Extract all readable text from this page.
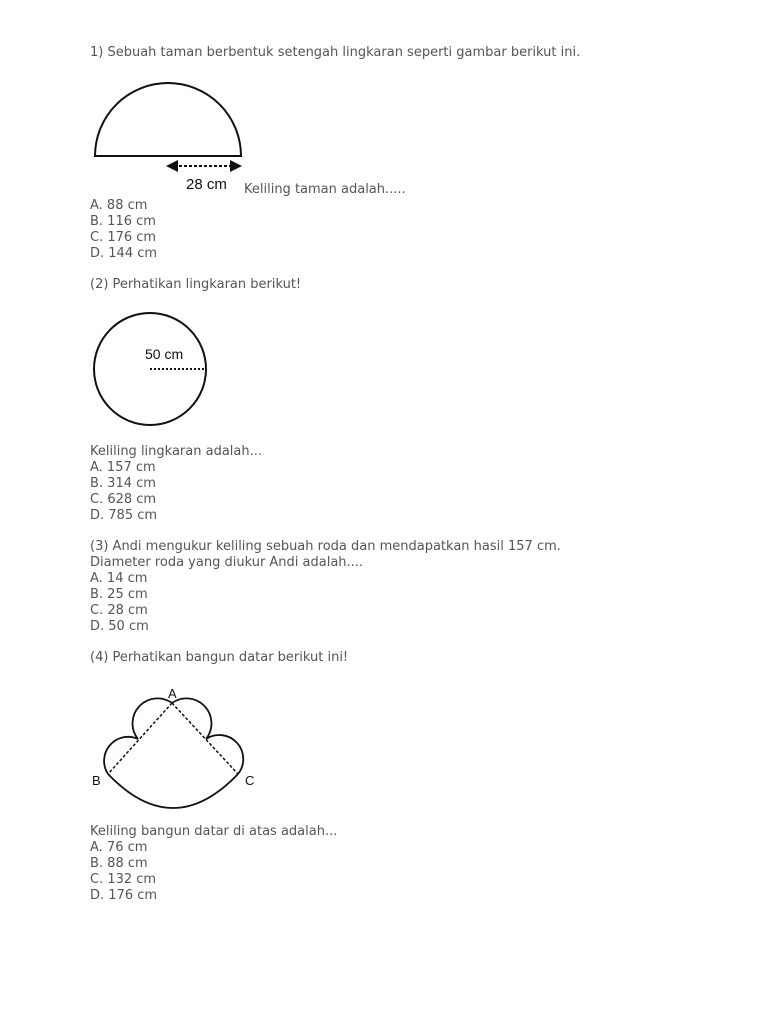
1) Sebuah taman berbentuk setengah lingkaran seperti gambar berikut ini.
28 cm Keliling taman adalah.....
A. 88 cm
B. 116 cm
C. 176 cm
D. 144 cm
(2) Perhatikan lingkaran berikut!
50 cm
Keliling lingkaran adalah...
A. 157 cm
B. 314 cm
C. 628 cm
D. 785 cm
(3) Andi mengukur keliling sebuah roda dan mendapatkan hasil 157 cm.
Diameter roda yang diukur Andi adalah....
A. 14 cm
B. 25 cm
C. 28 cm
D. 50 cm
(4) Perhatikan bangun datar berikut ini!
A
B	C
Keliling bangun datar di atas adalah...
A. 76 cm
B. 88 cm
C. 132 cm
D. 176 cm
